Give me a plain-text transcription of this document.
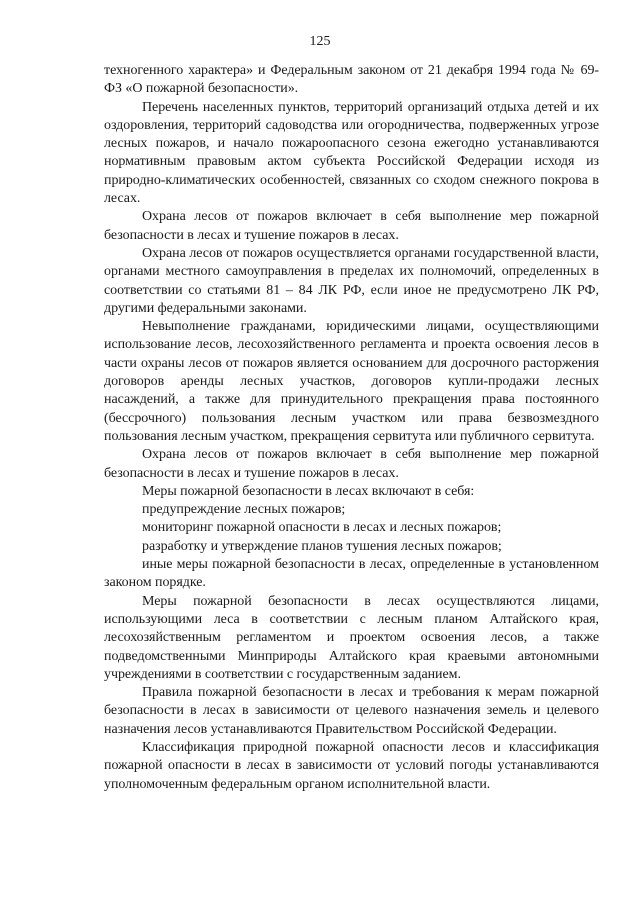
125

техногенного характера» и Федеральным законом от 21 декабря 1994 года № 69-ФЗ «О пожарной безопасности».

Перечень населенных пунктов, территорий организаций отдыха детей и их оздоровления, территорий садоводства или огородничества, подверженных угрозе лесных пожаров, и начало пожароопасного сезона ежегодно устанавливаются нормативным правовым актом субъекта Российской Федерации исходя из природно-климатических особенностей, связанных со сходом снежного покрова в лесах.

Охрана лесов от пожаров включает в себя выполнение мер пожарной безопасности в лесах и тушение пожаров в лесах.

Охрана лесов от пожаров осуществляется органами государственной власти, органами местного самоуправления в пределах их полномочий, определенных в соответствии со статьями 81 – 84 ЛК РФ, если иное не предусмотрено ЛК РФ, другими федеральными законами.

Невыполнение гражданами, юридическими лицами, осуществляющими использование лесов, лесохозяйственного регламента и проекта освоения лесов в части охраны лесов от пожаров является основанием для досрочного расторжения договоров аренды лесных участков, договоров купли-продажи лесных насаждений, а также для принудительного прекращения права постоянного (бессрочного) пользования лесным участком или права безвозмездного пользования лесным участком, прекращения сервитута или публичного сервитута.

Охрана лесов от пожаров включает в себя выполнение мер пожарной безопасности в лесах и тушение пожаров в лесах.

Меры пожарной безопасности в лесах включают в себя:

предупреждение лесных пожаров;

мониторинг пожарной опасности в лесах и лесных пожаров;

разработку и утверждение планов тушения лесных пожаров;

иные меры пожарной безопасности в лесах, определенные в установленном законом порядке.

Меры пожарной безопасности в лесах осуществляются лицами, использующими леса в соответствии с лесным планом Алтайского края, лесохозяйственным регламентом и проектом освоения лесов, а также подведомственными Минприроды Алтайского края краевыми автономными учреждениями в соответствии с государственным заданием.

Правила пожарной безопасности в лесах и требования к мерам пожарной безопасности в лесах в зависимости от целевого назначения земель и целевого назначения лесов устанавливаются Правительством Российской Федерации.

Классификация природной пожарной опасности лесов и классификация пожарной опасности в лесах в зависимости от условий погоды устанавливаются уполномоченным федеральным органом исполнительной власти.
